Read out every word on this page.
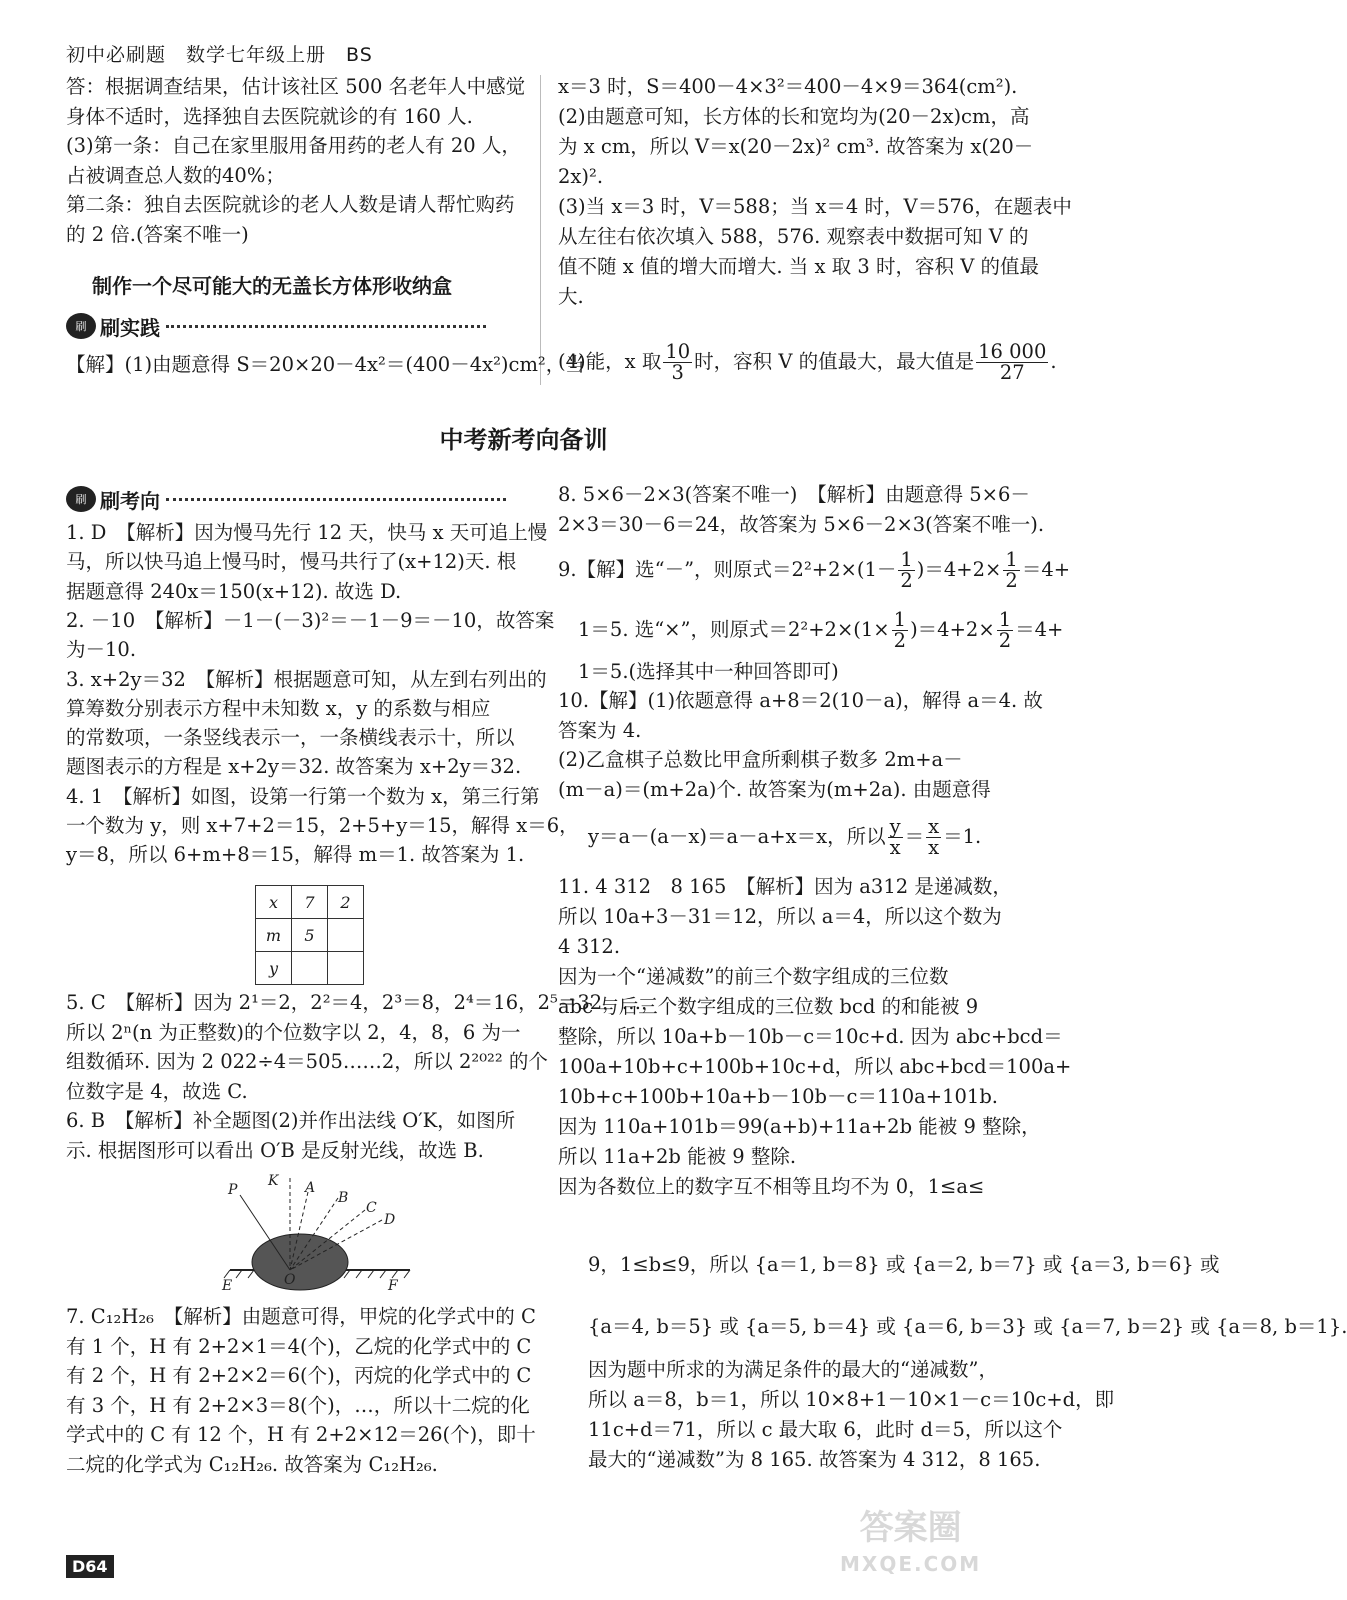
初中必刷题　数学七年级上册　BS
答：根据调查结果，估计该社区 500 名老年人中感觉
身体不适时，选择独自去医院就诊的有 160 人.
(3)第一条：自己在家里服用备用药的老人有 20 人，
占被调查总人数的40%；
第二条：独自去医院就诊的老人人数是请人帮忙购药
的 2 倍.(答案不唯一)
制作一个尽可能大的无盖长方体形收纳盒
刷 刷实践
【解】(1)由题意得 S＝20×20－4x²＝(400－4x²)cm²，当
x＝3 时，S＝400－4×3²＝400－4×9＝364(cm²).
(2)由题意可知，长方体的长和宽均为(20－2x)cm，高
为 x cm，所以 V＝x(20－2x)² cm³. 故答案为 x(20－
2x)².
(3)当 x＝3 时，V＝588；当 x＝4 时，V＝576，在题表中
从左往右依次填入 588，576. 观察表中数据可知 V 的
值不随 x 值的增大而增大. 当 x 取 3 时，容积 V 的值最
大.
(4)能，x 取 $\frac{10}{3}$ 时，容积 V 的值最大，最大值是 $\frac{16 000}{27}$ .
中考新考向备训
刷 刷考向
1. D　【解析】因为慢马先行 12 天，快马 x 天可追上慢
马，所以快马追上慢马时，慢马共行了(x+12)天. 根
据题意得 240x＝150(x+12). 故选 D.
2. －10　【解析】－1－(－3)²＝－1－9＝－10，故答案
为－10.
3. x+2y＝32　【解析】根据题意可知，从左到右列出的
算筹数分别表示方程中未知数 x，y 的系数与相应
的常数项，一条竖线表示一，一条横线表示十，所以
题图表示的方程是 x+2y＝32. 故答案为 x+2y＝32.
4. 1　【解析】如图，设第一行第一个数为 x，第三行第
一个数为 y，则 x+7+2＝15，2+5+y＝15，解得 x＝6，
y＝8，所以 6+m+8＝15，解得 m＝1. 故答案为 1.
x	7	2
m	5	
y		
5. C　【解析】因为 2¹＝2，2²＝4，2³＝8，2⁴＝16，2⁵＝32，…，
所以 2ⁿ(n 为正整数)的个位数字以 2，4，8，6 为一
组数循环. 因为 2 022÷4＝505……2，所以 2²⁰²² 的个
位数字是 4，故选 C.
6. B　【解析】补全题图(2)并作出法线 O′K，如图所
示. 根据图形可以看出 O′B 是反射光线，故选 B.
P
K A
B
C
D
E	O	F
7. C₁₂H₂₆　【解析】由题意可得，甲烷的化学式中的 C
有 1 个，H 有 2+2×1＝4(个)，乙烷的化学式中的 C
有 2 个，H 有 2+2×2＝6(个)，丙烷的化学式中的 C
有 3 个，H 有 2+2×3＝8(个)，…，所以十二烷的化
学式中的 C 有 12 个，H 有 2+2×12＝26(个)，即十
二烷的化学式为 C₁₂H₂₆. 故答案为 C₁₂H₂₆.
8. 5×6－2×3(答案不唯一)　【解析】由题意得 5×6－
2×3＝30－6＝24，故答案为 5×6－2×3(答案不唯一).
9.【解】选“－”，则原式$=2^2+2\times(1- \frac{1}{2} )=4+2\times \frac{1}{2} =4+$
1＝5. 选“×”，则原式$=2^2+2\times(1\times \frac{1}{2} )=4+2\times \frac{1}{2} =4+$
1＝5.(选择其中一种回答即可)
10.【解】(1)依题意得 a+8＝2(10－a)，解得 a＝4. 故
答案为 4.
(2)乙盒棋子总数比甲盒所剩棋子数多 2m+a－
(m－a)＝(m+2a)个. 故答案为(m+2a). 由题意得
y＝a－(a－x)＝a－a+x＝x，所以 $\frac{y}{x} = \frac{x}{x} =1$.
11. 4 312　8 165　【解析】因为 a312 是递减数，
所以 10a+3－31＝12，所以 a＝4，所以这个数为
4 312.
因为一个“递减数”的前三个数字组成的三位数
abc 与后三个数字组成的三位数 bcd 的和能被 9
整除，所以 10a+b－10b－c＝10c+d. 因为 abc+bcd＝
100a+10b+c+100b+10c+d，所以 abc+bcd＝100a+
10b+c+100b+10a+b－10b－c＝110a+101b.
因为 110a+101b＝99(a+b)+11a+2b 能被 9 整除，
所以 11a+2b 能被 9 整除.
因为各数位上的数字互不相等且均不为 0，1≤a≤
9，1≤b≤9，所以 {a＝1, b＝8} 或 {a＝2, b＝7} 或 {a＝3, b＝6} 或
{a＝4, b＝5} 或 {a＝5, b＝4} 或 {a＝6, b＝3} 或 {a＝7, b＝2} 或 {a＝8, b＝1}.
因为题中所求的为满足条件的最大的“递减数”，
所以 a＝8，b＝1，所以 10×8+1－10×1－c＝10c+d，即
11c+d＝71，所以 c 最大取 6，此时 d＝5，所以这个
最大的“递减数”为 8 165. 故答案为 4 312，8 165.
D64
答案圈
MXQE.COM
